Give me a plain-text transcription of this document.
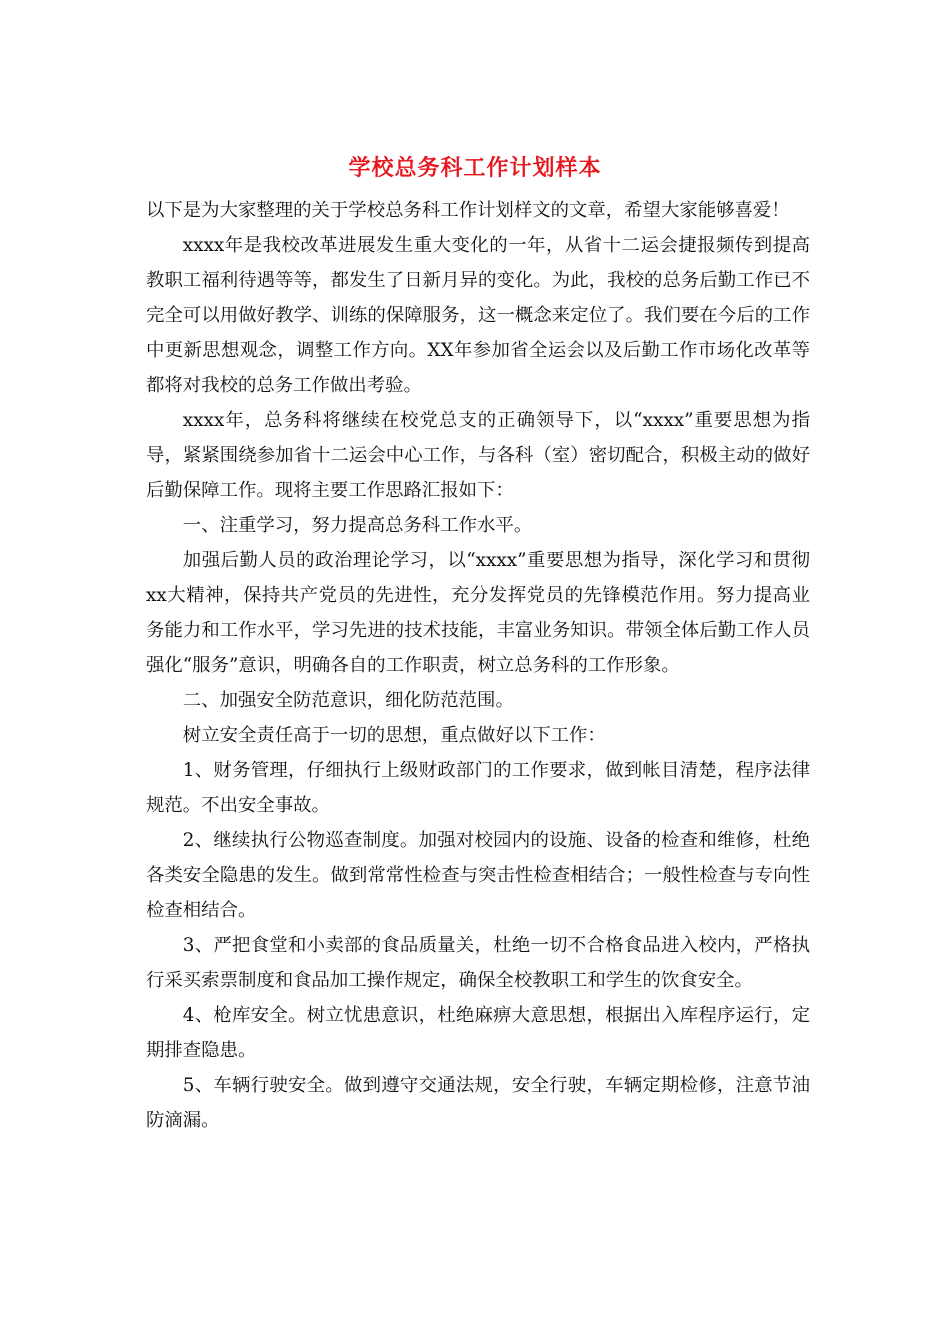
学校总务科工作计划样本

以下是为大家整理的关于学校总务科工作计划样文的文章，希望大家能够喜爱！

xxxx年是我校改革进展发生重大变化的一年，从省十二运会捷报频传到提高教职工福利待遇等等，都发生了日新月异的变化。为此，我校的总务后勤工作已不完全可以用做好教学、训练的保障服务，这一概念来定位了。我们要在今后的工作中更新思想观念，调整工作方向。XX年参加省全运会以及后勤工作市场化改革等都将对我校的总务工作做出考验。

xxxx年，总务科将继续在校党总支的正确领导下，以“xxxx”重要思想为指导，紧紧围绕参加省十二运会中心工作，与各科（室）密切配合，积极主动的做好后勤保障工作。现将主要工作思路汇报如下：

一、注重学习，努力提高总务科工作水平。

加强后勤人员的政治理论学习，以“xxxx”重要思想为指导，深化学习和贯彻xx大精神，保持共产党员的先进性，充分发挥党员的先锋模范作用。努力提高业务能力和工作水平，学习先进的技术技能，丰富业务知识。带领全体后勤工作人员强化“服务”意识，明确各自的工作职责，树立总务科的工作形象。

二、加强安全防范意识，细化防范范围。

树立安全责任高于一切的思想，重点做好以下工作：

1、财务管理，仔细执行上级财政部门的工作要求，做到帐目清楚，程序法律规范。不出安全事故。

2、继续执行公物巡查制度。加强对校园内的设施、设备的检查和维修，杜绝各类安全隐患的发生。做到常常性检查与突击性检查相结合；一般性检查与专向性检查相结合。

3、严把食堂和小卖部的食品质量关，杜绝一切不合格食品进入校内，严格执行采买索票制度和食品加工操作规定，确保全校教职工和学生的饮食安全。

4、枪库安全。树立忧患意识，杜绝麻痹大意思想，根据出入库程序运行，定期排查隐患。

5、车辆行驶安全。做到遵守交通法规，安全行驶，车辆定期检修，注意节油防滴漏。
